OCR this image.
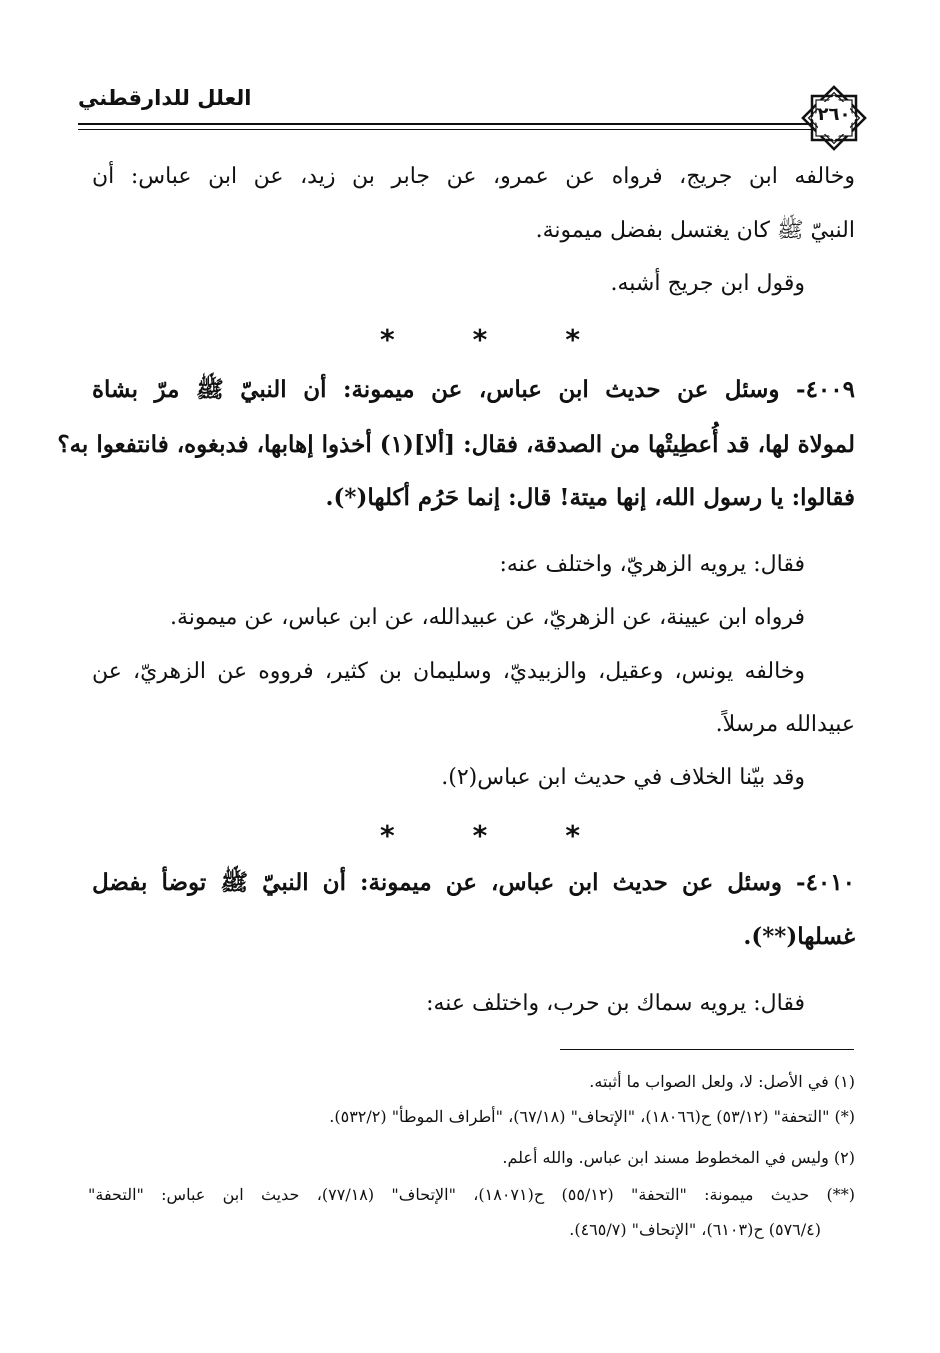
العلل للدارقطني
٢٦٠
وخالفه ابن جريج، فرواه عن عمرو، عن جابر بن زيد، عن ابن عباس: أن
النبيّ ﷺ كان يغتسل بفضل ميمونة.
وقول ابن جريج أشبه.
*	*	*
٤٠٠٩- وسئل عن حديث ابن عباس، عن ميمونة: أن النبيّ ﷺ مرّ بشاة
لمولاة لها، قد أُعطِيتْها من الصدقة، فقال: [ألا](١) أخذوا إهابها، فدبغوه، فانتفعوا به؟
فقالوا: يا رسول الله، إنها ميتة! قال: إنما حَرُم أكلها(*).
فقال: يرويه الزهريّ، واختلف عنه:
فرواه ابن عيينة، عن الزهريّ، عن عبيدالله، عن ابن عباس، عن ميمونة.
وخالفه يونس، وعقيل، والزبيديّ، وسليمان بن كثير، فرووه عن الزهريّ، عن
عبيدالله مرسلاً.
وقد بيّنا الخلاف في حديث ابن عباس(٢).
*	*	*
٤٠١٠- وسئل عن حديث ابن عباس، عن ميمونة: أن النبيّ ﷺ توضأ بفضل
غسلها(**).
فقال: يرويه سماك بن حرب، واختلف عنه:
(١) في الأصل: لا، ولعل الصواب ما أثبته.
(*) "التحفة" (٥٣/١٢) ح(١٨٠٦٦)، "الإتحاف" (٦٧/١٨)، "أطراف الموطأ" (٥٣٢/٢).
(٢) وليس في المخطوط مسند ابن عباس. والله أعلم.
(**) حديث ميمونة: "التحفة" (٥٥/١٢) ح(١٨٠٧١)، "الإتحاف" (٧٧/١٨)، حديث ابن عباس: "التحفة"
(٥٧٦/٤) ح(٦١٠٣)، "الإتحاف" (٤٦٥/٧).
